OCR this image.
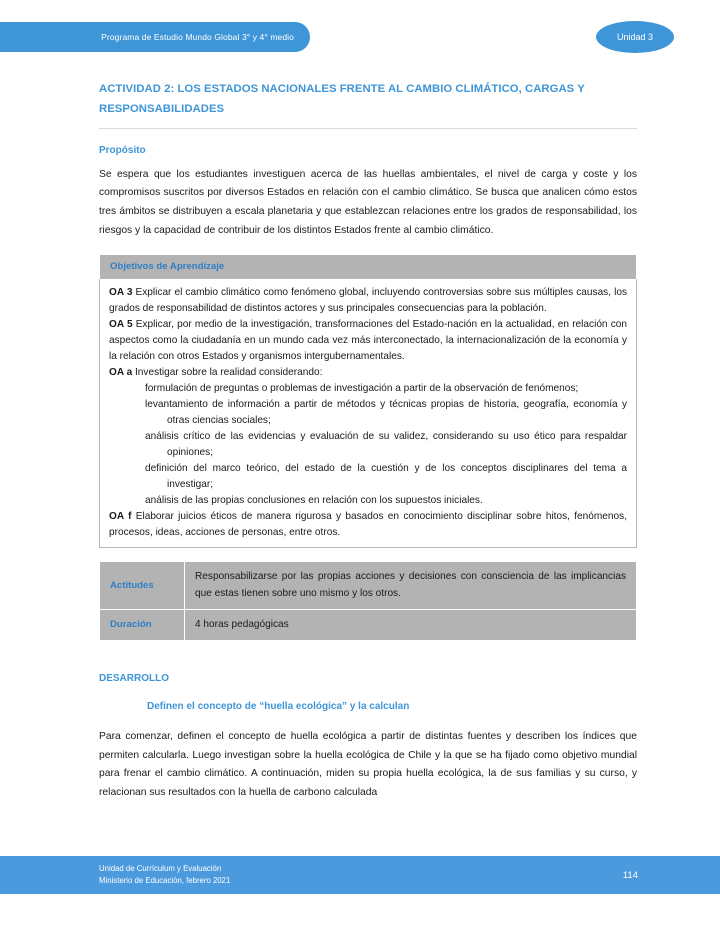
Programa de Estudio Mundo Global 3° y 4° medio	Unidad 3
ACTIVIDAD 2: LOS ESTADOS NACIONALES FRENTE AL CAMBIO CLIMÁTICO, CARGAS Y RESPONSABILIDADES
Propósito

Se espera que los estudiantes investiguen acerca de las huellas ambientales, el nivel de carga y coste y los compromisos suscritos por diversos Estados en relación con el cambio climático. Se busca que analicen cómo estos tres ámbitos se distribuyen a escala planetaria y que establezcan relaciones entre los grados de responsabilidad, los riesgos y la capacidad de contribuir de los distintos Estados frente al cambio climático.

Objetivos de Aprendizaje

OA 3 Explicar el cambio climático como fenómeno global, incluyendo controversias sobre sus múltiples causas, los grados de responsabilidad de distintos actores y sus principales consecuencias para la población.

OA 5 Explicar, por medio de la investigación, transformaciones del Estado-nación en la actualidad, en relación con aspectos como la ciudadanía en un mundo cada vez más interconectado, la internacionalización de la economía y la relación con otros Estados y organismos intergubernamentales.

OA a Investigar sobre la realidad considerando:

formulación de preguntas o problemas de investigación a partir de la observación de fenómenos;
levantamiento de información a partir de métodos y técnicas propias de historia, geografía, economía y otras ciencias sociales;
análisis crítico de las evidencias y evaluación de su validez, considerando su uso ético para respaldar opiniones;
definición del marco teórico, del estado de la cuestión y de los conceptos disciplinares del tema a investigar;
análisis de las propias conclusiones en relación con los supuestos iniciales.

OA f Elaborar juicios éticos de manera rigurosa y basados en conocimiento disciplinar sobre hitos, fenómenos, procesos, ideas, acciones de personas, entre otros.

Actitudes	Responsabilizarse por las propias acciones y decisiones con consciencia de las implicancias que estas tienen sobre uno mismo y los otros.
Duración	4 horas pedagógicas
DESARROLLO
Definen el concepto de “huella ecológica” y la calculan

Para comenzar, definen el concepto de huella ecológica a partir de distintas fuentes y describen los índices que permiten calcularla. Luego investigan sobre la huella ecológica de Chile y la que se ha fijado como objetivo mundial para frenar el cambio climático. A continuación, miden su propia huella ecológica, la de sus familias y su curso, y relacionan sus resultados con la huella de carbono calculada

Unidad de Currículum y Evaluación
Ministerio de Educación, febrero 2021	114
